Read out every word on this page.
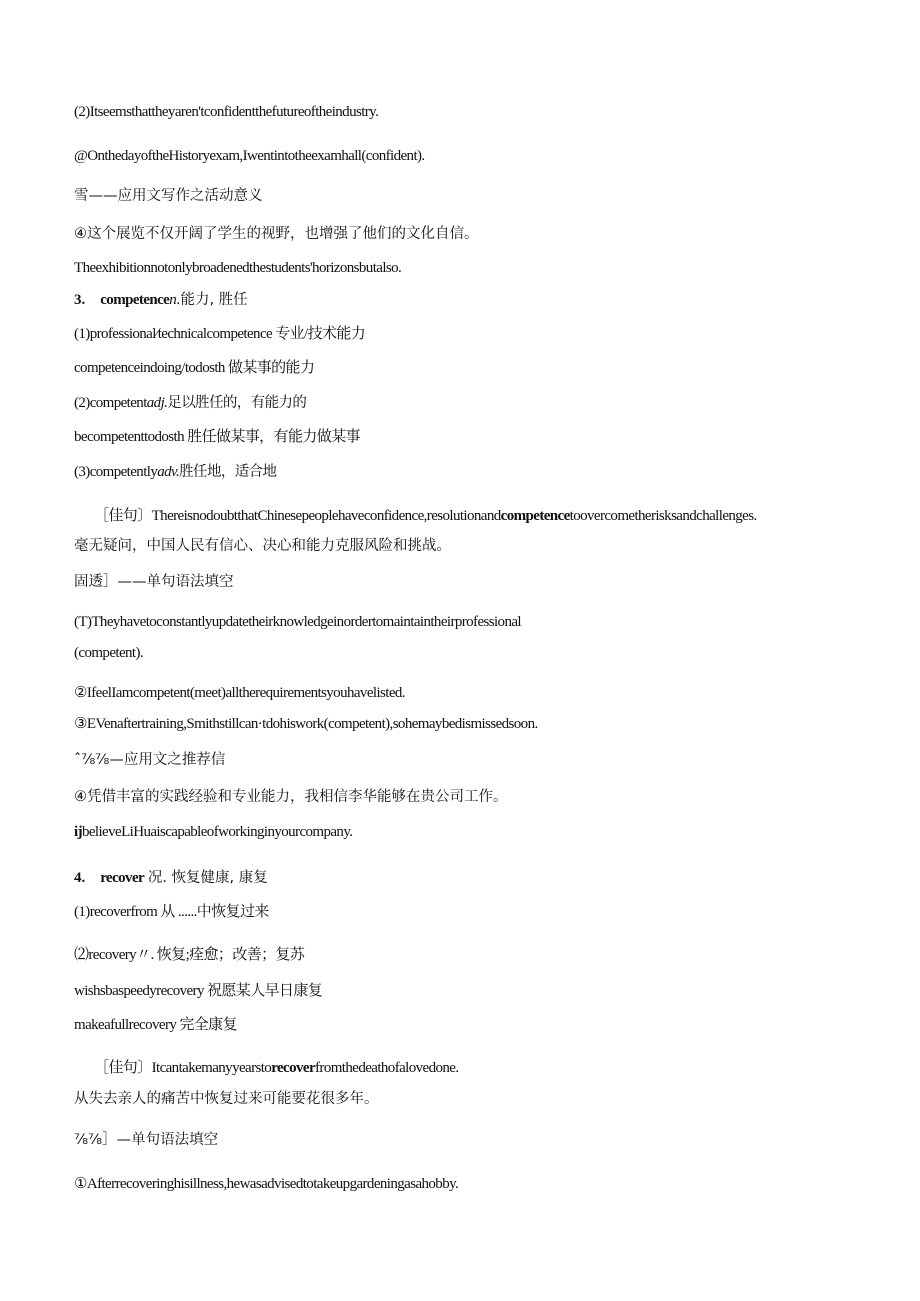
(2)Itseemsthattheyaren'tconfidentthefutureoftheindustry.
@OnthedayoftheHistoryexam,Iwentintotheexamhall(confident).
雪——应用文写作之活动意义
④这个展览不仅开阔了学生的视野，也增强了他们的文化自信。
Theexhibitionnotonlybroadenedthestudents'horizonsbutalso.
3. competencen.能力, 胜任
(1)professional∕technicalcompetence 专业/技术能力
competenceindoing/todosth 做某事的能力
(2)competentadj.足以胜任的，有能力的
becompetenttodosth 胜任做某事，有能力做某事
(3)competentlyadv.胜任地，适合地
［佳句〕ThereisnodoubtthatChinesepeoplehaveconfidence,resolutionandcompetencetoovercometherisksandchallenges.
毫无疑问，中国人民有信心、决心和能力克服风险和挑战。
固透］——单句语法填空
(T)Theyhavetoconstantlyupdatetheirknowledgeinordertomaintaintheirprofessional
(competent).
②IfeelIamcompetent(meet)alltherequirementsyouhavelisted.
③EVenaftertraining,Smithstillcan·tdohiswork(competent),sohemaybedismissedsoon.
ˆ⅞⅞—应用文之推荐信
④凭借丰富的实践经验和专业能力，我相信李华能够在贵公司工作。
ijbelieveLiHuaiscapableofworkinginyourcompany.
4. recover 况. 恢复健康, 康复
(1)recoverfrom 从 ......中恢复过来
⑵recovery〃. 恢复;痊愈；改善；复苏
wishsbaspeedyrecovery 祝愿某人早日康复
makeafullrecovery 完全康复
［佳句〕Itcantakemanyyearstorecoverfromthedeathofalovedone.
从失去亲人的痛苦中恢复过来可能要花很多年。
⅞⅞］—单句语法填空
①Afterrecoveringhisillness,hewasadvisedtotakeupgardeningasahobby.
